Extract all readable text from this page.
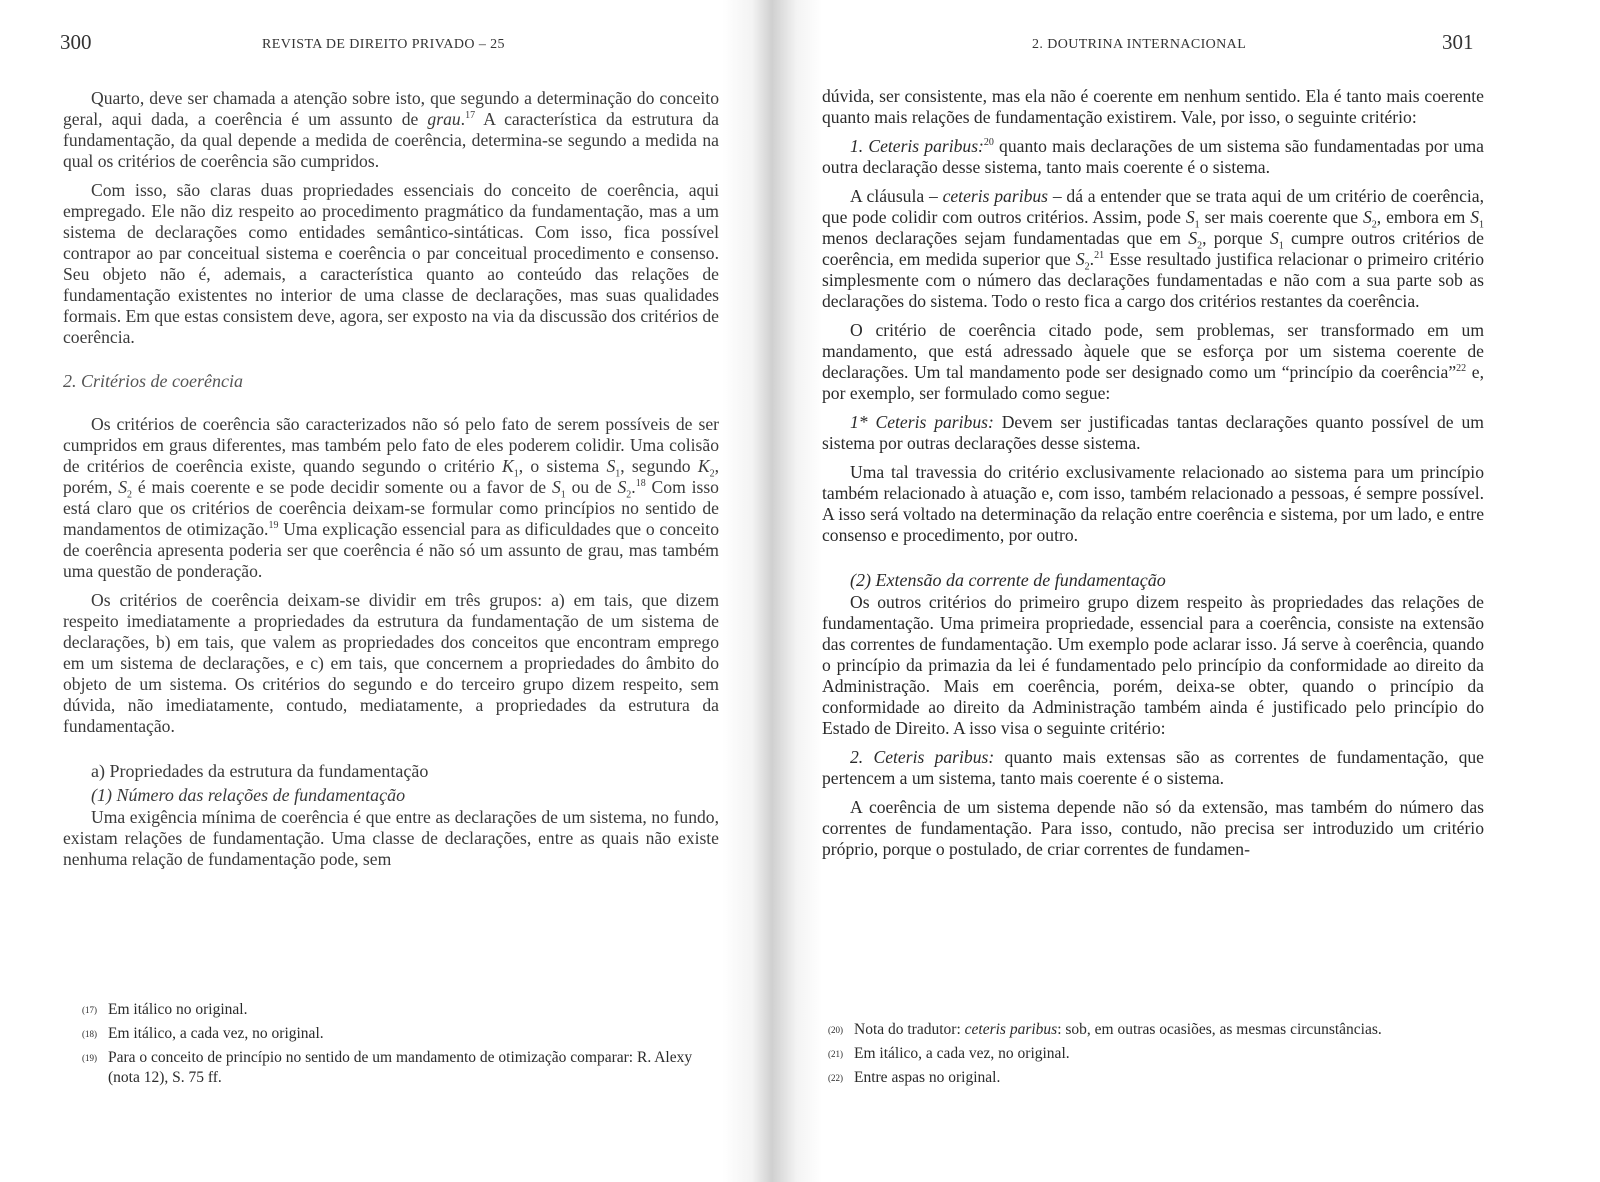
300	REVISTA DE DIREITO PRIVADO – 25

Quarto, deve ser chamada a atenção sobre isto, que segundo a determinação do conceito geral, aqui dada, a coerência é um assunto de grau.$^{17}$ A característica da estrutura da fundamentação, da qual depende a medida de coerência, determina-se segundo a medida na qual os critérios de coerência são cumpridos.

Com isso, são claras duas propriedades essenciais do conceito de coerência, aqui empregado. Ele não diz respeito ao procedimento pragmático da fundamentação, mas a um sistema de declarações como entidades semântico-sintáticas. Com isso, fica possível contrapor ao par conceitual sistema e coerência o par conceitual procedimento e consenso. Seu objeto não é, ademais, a característica quanto ao conteúdo das relações de fundamentação existentes no interior de uma classe de declarações, mas suas qualidades formais. Em que estas consistem deve, agora, ser exposto na via da discussão dos critérios de coerência.

2. Critérios de coerência

Os critérios de coerência são caracterizados não só pelo fato de serem possíveis de ser cumpridos em graus diferentes, mas também pelo fato de eles poderem colidir. Uma colisão de critérios de coerência existe, quando segundo o critério $K_1$, o sistema $S_1$, segundo $K_2$, porém, $S_2$ é mais coerente e se pode decidir somente ou a favor de $S_1$ ou de $S_2.^{18}$ Com isso está claro que os critérios de coerência deixam-se formular como princípios no sentido de mandamentos de otimização.$^{19}$ Uma explicação essencial para as dificuldades que o conceito de coerência apresenta poderia ser que coerência é não só um assunto de grau, mas também uma questão de ponderação.

Os critérios de coerência deixam-se dividir em três grupos: a) em tais, que dizem respeito imediatamente a propriedades da estrutura da fundamentação de um sistema de declarações, b) em tais, que valem as propriedades dos conceitos que encontram emprego em um sistema de declarações, e c) em tais, que concernem a propriedades do âmbito do objeto de um sistema. Os critérios do segundo e do terceiro grupo dizem respeito, sem dúvida, não imediatamente, contudo, mediatamente, a propriedades da estrutura da fundamentação.

a) Propriedades da estrutura da fundamentação

(1) Número das relações de fundamentação

Uma exigência mínima de coerência é que entre as declarações de um sistema, no fundo, existam relações de fundamentação. Uma classe de declarações, entre as quais não existe nenhuma relação de fundamentação pode, sem

(17) Em itálico no original.
(18) Em itálico, a cada vez, no original.
(19) Para o conceito de princípio no sentido de um mandamento de otimização comparar: R. Alexy (nota 12), S. 75 ff.
2. DOUTRINA INTERNACIONAL	301

dúvida, ser consistente, mas ela não é coerente em nenhum sentido. Ela é tanto mais coerente quanto mais relações de fundamentação existirem. Vale, por isso, o seguinte critério:

1. Ceteris paribus:$^{20}$ quanto mais declarações de um sistema são fundamentadas por uma outra declaração desse sistema, tanto mais coerente é o sistema.

A cláusula – ceteris paribus – dá a entender que se trata aqui de um critério de coerência, que pode colidir com outros critérios. Assim, pode $S_1$ ser mais coerente que $S_2$, embora em $S_1$ menos declarações sejam fundamentadas que em $S_2$, porque $S_1$ cumpre outros critérios de coerência, em medida superior que $S_2.^{21}$ Esse resultado justifica relacionar o primeiro critério simplesmente com o número das declarações fundamentadas e não com a sua parte sob as declarações do sistema. Todo o resto fica a cargo dos critérios restantes da coerência.

O critério de coerência citado pode, sem problemas, ser transformado em um mandamento, que está adressado àquele que se esforça por um sistema coerente de declarações. Um tal mandamento pode ser designado como um “princípio da coerência”$^{22}$ e, por exemplo, ser formulado como segue:

1* Ceteris paribus: Devem ser justificadas tantas declarações quanto possível de um sistema por outras declarações desse sistema.

Uma tal travessia do critério exclusivamente relacionado ao sistema para um princípio também relacionado à atuação e, com isso, também relacionado a pessoas, é sempre possível. A isso será voltado na determinação da relação entre coerência e sistema, por um lado, e entre consenso e procedimento, por outro.

(2) Extensão da corrente de fundamentação

Os outros critérios do primeiro grupo dizem respeito às propriedades das relações de fundamentação. Uma primeira propriedade, essencial para a coerência, consiste na extensão das correntes de fundamentação. Um exemplo pode aclarar isso. Já serve à coerência, quando o princípio da primazia da lei é fundamentado pelo princípio da conformidade ao direito da Administração. Mais em coerência, porém, deixa-se obter, quando o princípio da conformidade ao direito da Administração também ainda é justificado pelo princípio do Estado de Direito. A isso visa o seguinte critério:

2. Ceteris paribus: quanto mais extensas são as correntes de fundamentação, que pertencem a um sistema, tanto mais coerente é o sistema.

A coerência de um sistema depende não só da extensão, mas também do número das correntes de fundamentação. Para isso, contudo, não precisa ser introduzido um critério próprio, porque o postulado, de criar correntes de fundamen-

(20) Nota do tradutor: ceteris paribus: sob, em outras ocasiões, as mesmas circunstâncias.
(21) Em itálico, a cada vez, no original.
(22) Entre aspas no original.
